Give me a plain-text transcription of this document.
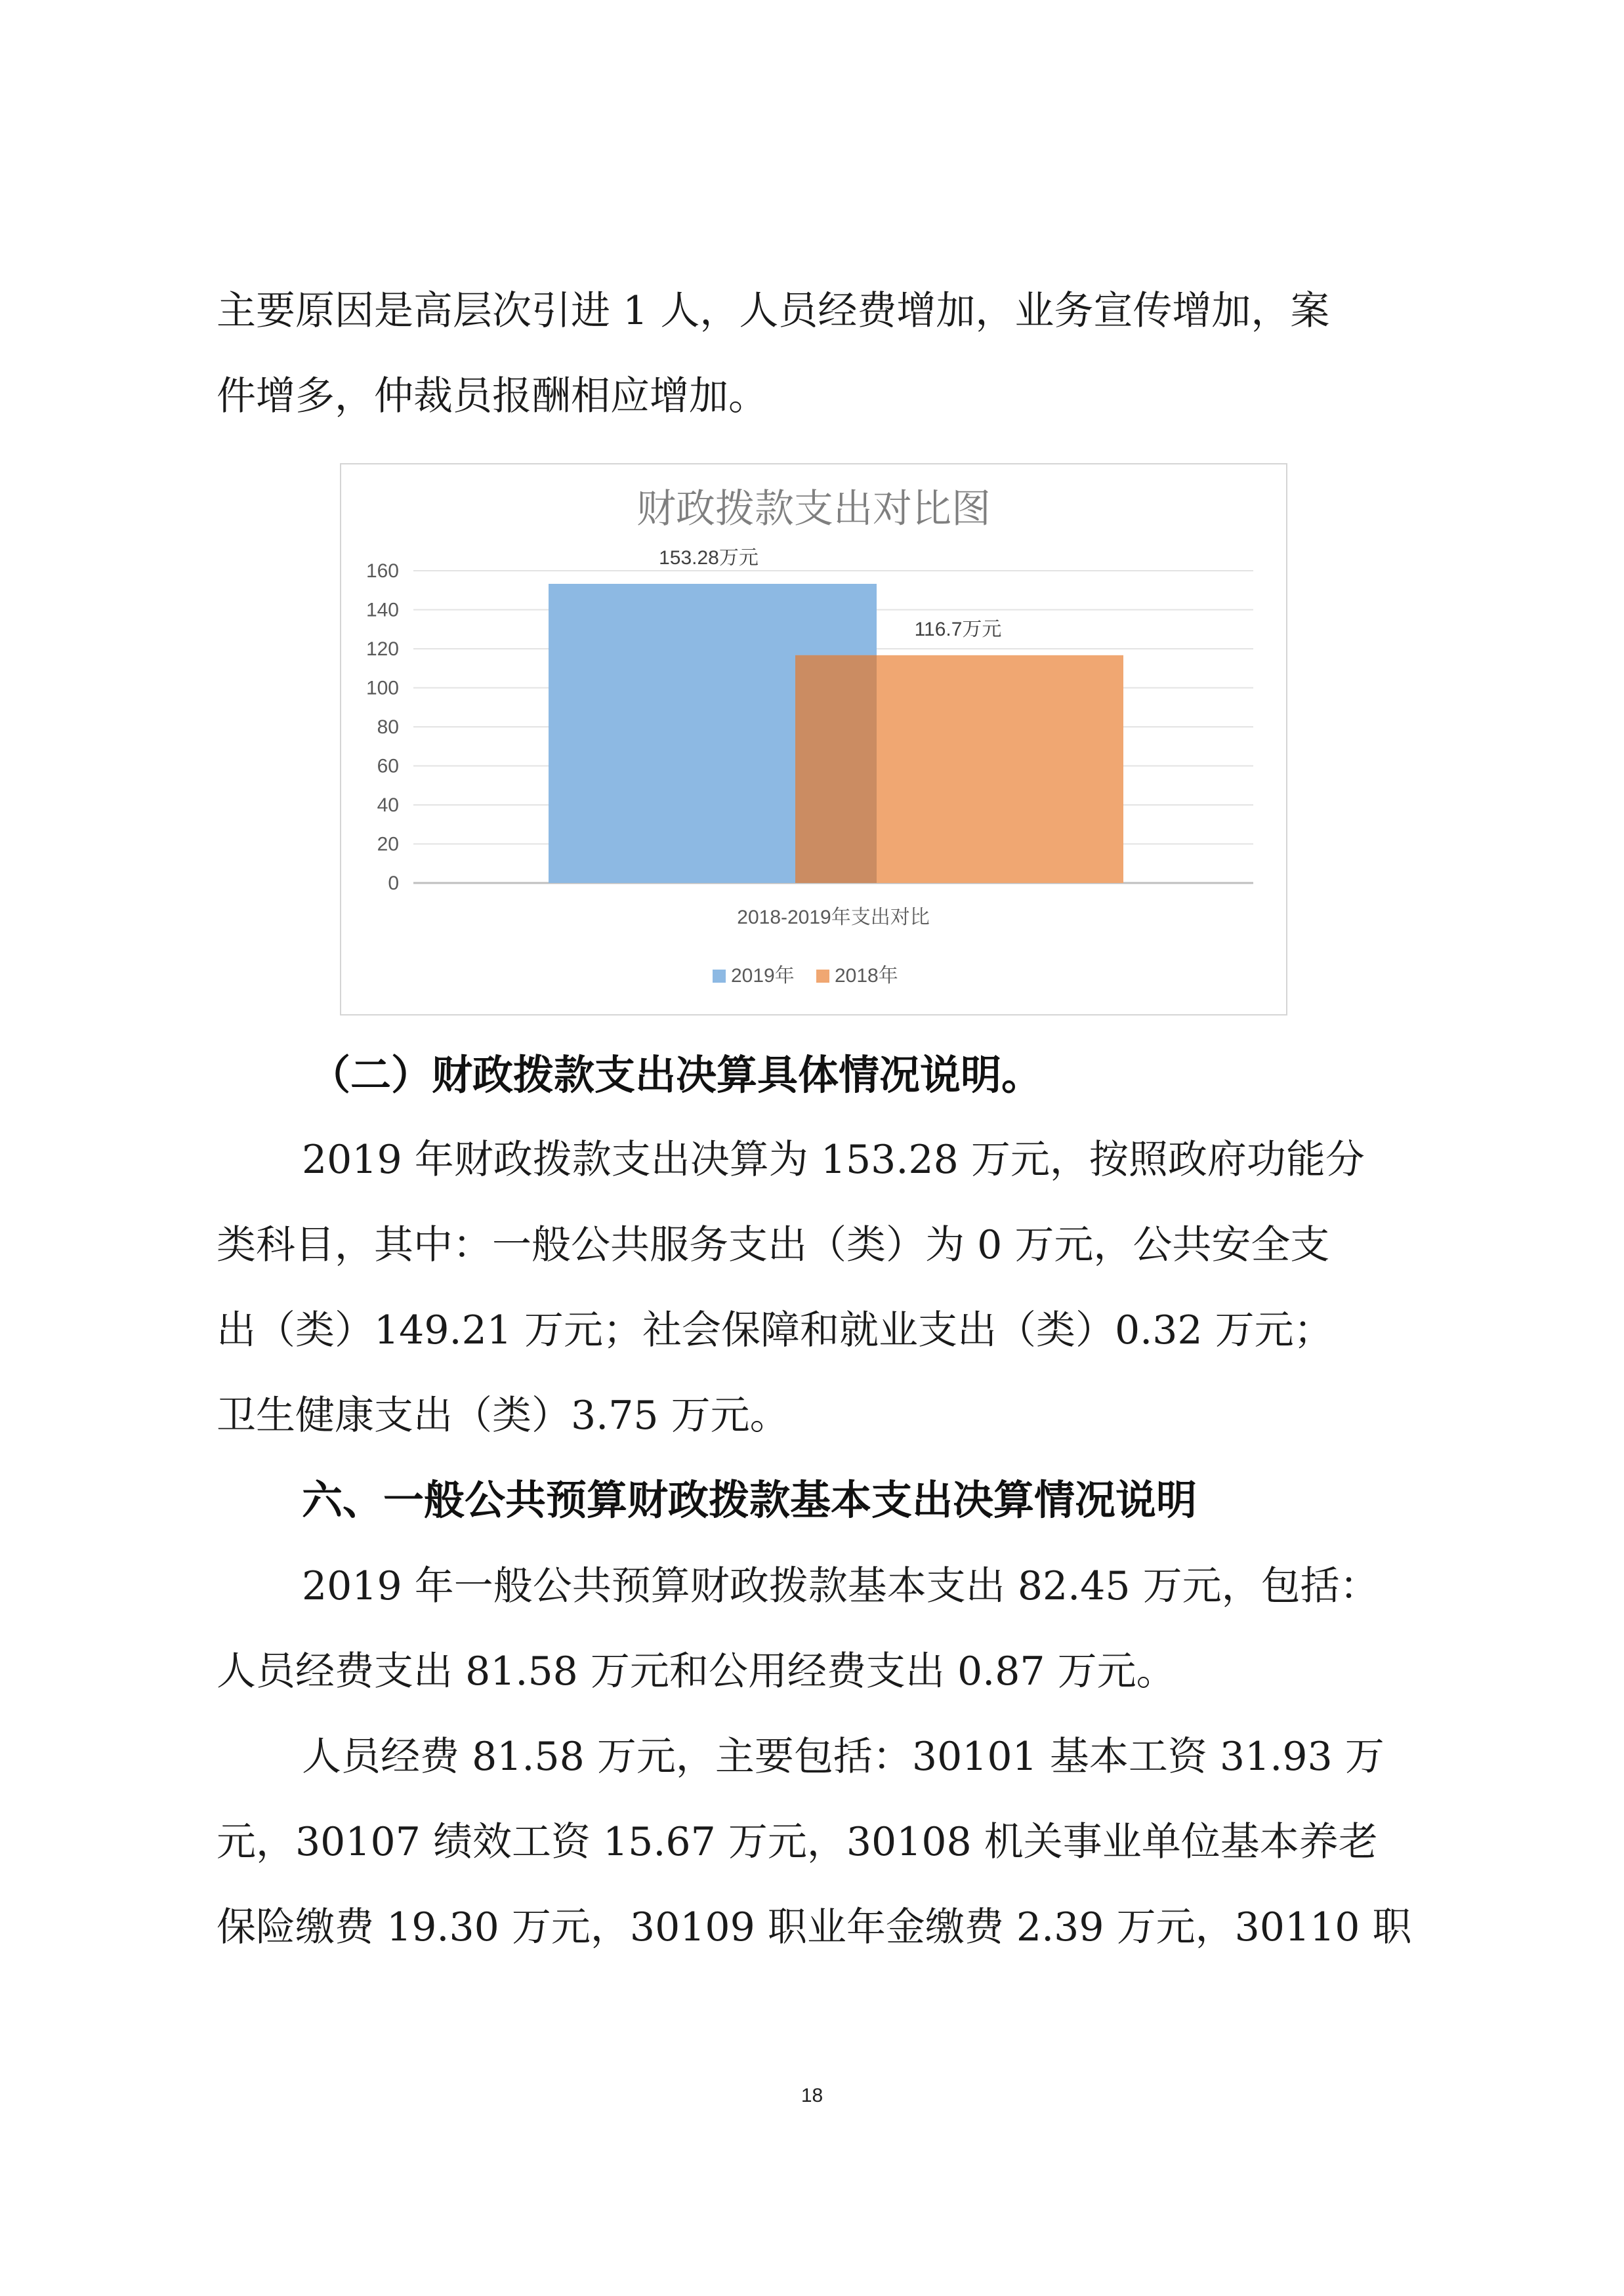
主要原因是高层次引进 1 人，人员经费增加，业务宣传增加，案
件增多，仲裁员报酬相应增加。
财政拨款支出对比图
0
20
40
60
80
100
120
140
160
153.28万元
116.7万元
2018-2019年支出对比
2019年 2018年
（二）财政拨款支出决算具体情况说明。
2019 年财政拨款支出决算为 153.28 万元，按照政府功能分
类科目，其中：一般公共服务支出（类）为 0 万元，公共安全支
出（类）149.21 万元；社会保障和就业支出（类）0.32 万元；
卫生健康支出（类）3.75 万元。
六、一般公共预算财政拨款基本支出决算情况说明
2019 年一般公共预算财政拨款基本支出 82.45 万元，包括：
人员经费支出 81.58 万元和公用经费支出 0.87 万元。
人员经费 81.58 万元，主要包括：30101 基本工资 31.93 万
元，30107 绩效工资 15.67 万元，30108 机关事业单位基本养老
保险缴费 19.30 万元，30109 职业年金缴费 2.39 万元，30110 职
18
